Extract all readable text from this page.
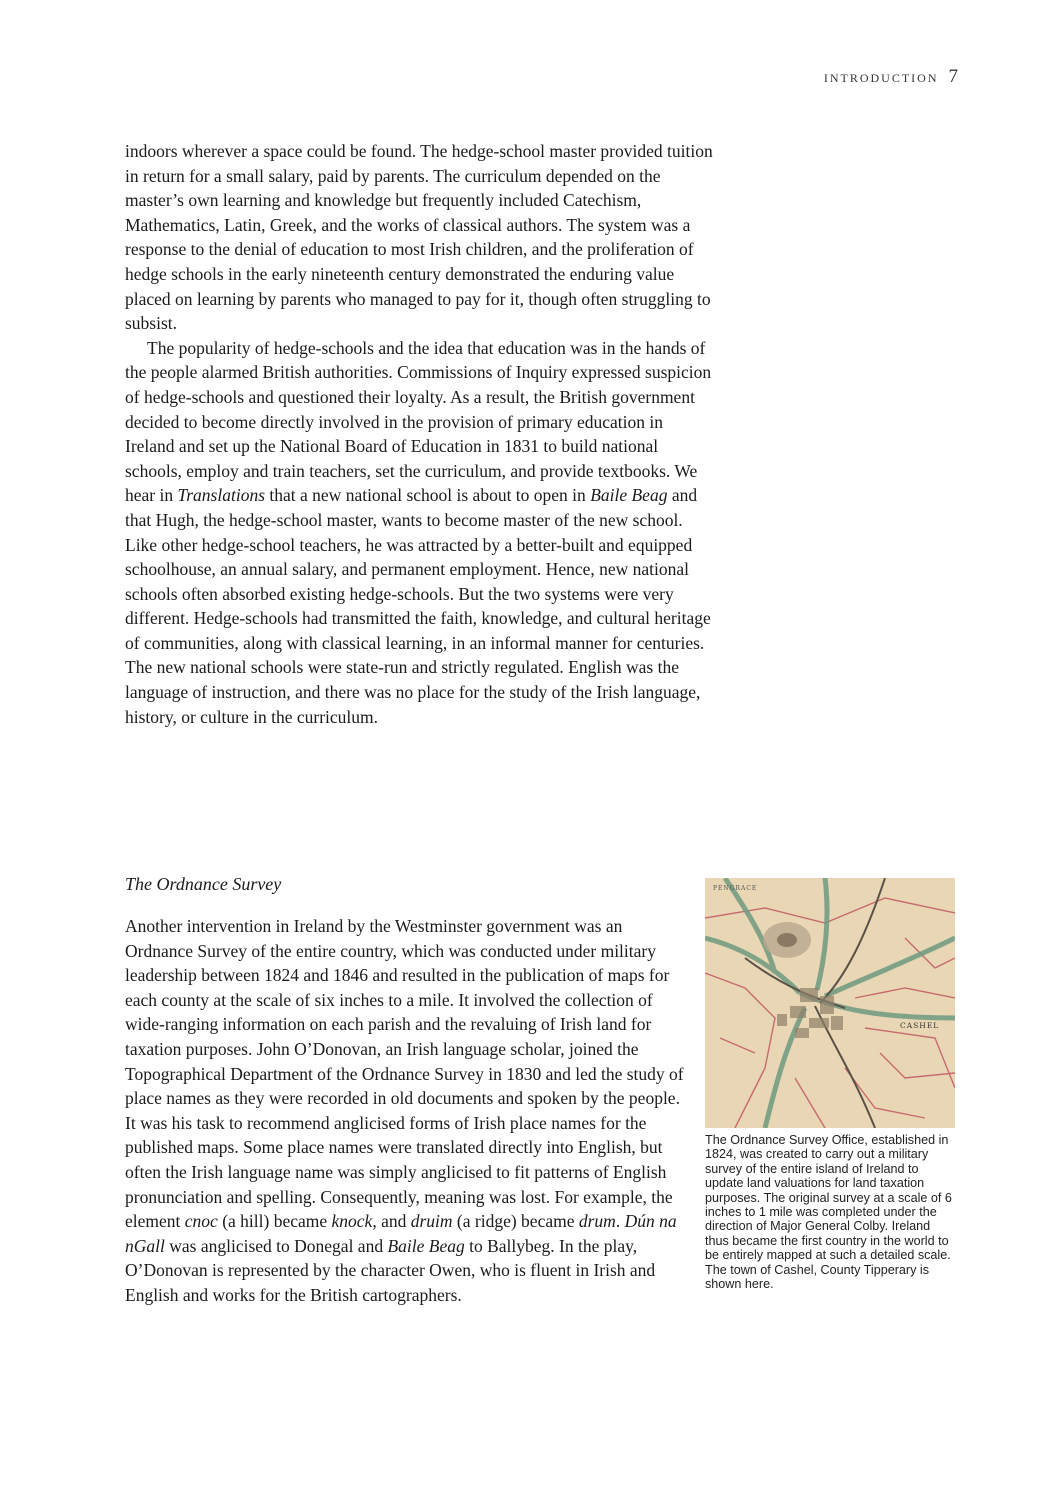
INTRODUCTION 7

indoors wherever a space could be found. The hedge-school master provided tuition in return for a small salary, paid by parents. The curriculum depended on the master’s own learning and knowledge but frequently included Catechism, Mathematics, Latin, Greek, and the works of classical authors. The system was a response to the denial of education to most Irish children, and the proliferation of hedge schools in the early nineteenth century demonstrated the enduring value placed on learning by parents who managed to pay for it, though often struggling to subsist.

The popularity of hedge-schools and the idea that education was in the hands of the people alarmed British authorities. Commissions of Inquiry expressed suspicion of hedge-schools and questioned their loyalty. As a result, the British government decided to become directly involved in the provision of primary education in Ireland and set up the National Board of Education in 1831 to build national schools, employ and train teachers, set the curriculum, and provide textbooks. We hear in Translations that a new national school is about to open in Baile Beag and that Hugh, the hedge-school master, wants to become master of the new school. Like other hedge-school teachers, he was attracted by a better-built and equipped schoolhouse, an annual salary, and permanent employment. Hence, new national schools often absorbed existing hedge-schools. But the two systems were very different. Hedge-schools had transmitted the faith, knowledge, and cultural heritage of communities, along with classical learning, in an informal manner for centuries. The new national schools were state-run and strictly regulated. English was the language of instruction, and there was no place for the study of the Irish language, history, or culture in the curriculum.

The Ordnance Survey

Another intervention in Ireland by the Westminster government was an Ordnance Survey of the entire country, which was conducted under military leadership between 1824 and 1846 and resulted in the publication of maps for each county at the scale of six inches to a mile. It involved the collection of wide-ranging information on each parish and the revaluing of Irish land for taxation purposes. John O’Donovan, an Irish language scholar, joined the Topographical Department of the Ordnance Survey in 1830 and led the study of place names as they were recorded in old documents and spoken by the people. It was his task to recommend anglicised forms of Irish place names for the published maps. Some place names were translated directly into English, but often the Irish language name was simply anglicised to fit patterns of English pronunciation and spelling. Consequently, meaning was lost. For example, the element cnoc (a hill) became knock, and druim (a ridge) became drum. Dún na nGall was anglicised to Donegal and Baile Beag to Ballybeg. In the play, O’Donovan is represented by the character Owen, who is fluent in Irish and English and works for the British cartographers.

CASHEL
PENGRACE
The Ordnance Survey Office, established in 1824, was created to carry out a military survey of the entire island of Ireland to update land valuations for land taxation purposes. The original survey at a scale of 6 inches to 1 mile was completed under the direction of Major General Colby. Ireland thus became the first country in the world to be entirely mapped at such a detailed scale. The town of Cashel, County Tipperary is shown here.
